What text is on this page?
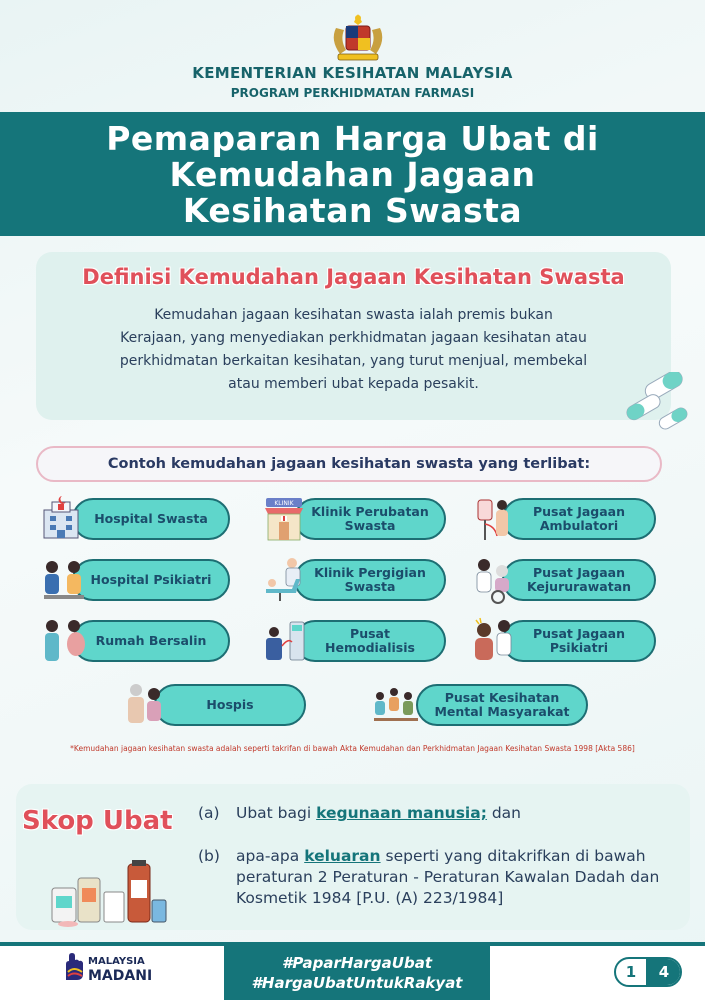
KEMENTERIAN KESIHATAN MALAYSIA
PROGRAM PERKHIDMATAN FARMASI
Pemaparan Harga Ubat di
Kemudahan Jagaan
Kesihatan Swasta
Definisi Kemudahan Jagaan Kesihatan Swasta
Kemudahan jagaan kesihatan swasta ialah premis bukan
Kerajaan, yang menyediakan perkhidmatan jagaan kesihatan atau
perkhidmatan berkaitan kesihatan, yang turut menjual, membekal
atau memberi ubat kepada pesakit.
Contoh kemudahan jagaan kesihatan swasta yang terlibat:
Hospital Swasta	Klinik Perubatan
Swasta
KLINIK
Pusat Jagaan
Ambulatori
Hospital Psikiatri	Klinik Pergigian
Swasta
Pusat Jagaan
Kejururawatan
Rumah Bersalin	Pusat
Hemodialisis
Pusat Jagaan
Psikiatri
Hospis	Pusat Kesihatan
Mental Masyarakat
*Kemudahan jagaan kesihatan swasta adalah seperti takrifan di bawah Akta Kemudahan dan Perkhidmatan Jagaan Kesihatan Swasta 1998 [Akta 586]
Skop Ubat (a) Ubat bagi kegunaan manusia; dan
(b) apa-apa keluaran seperti yang ditakrifkan di bawah peraturan 2 Peraturan - Peraturan Kawalan Dadah dan Kosmetik 1984 [P.U. (A) 223/1984]
#PaparHargaUbat
#HargaUbatUntukRakyat
MALAYSIA
MADANI	1	4
